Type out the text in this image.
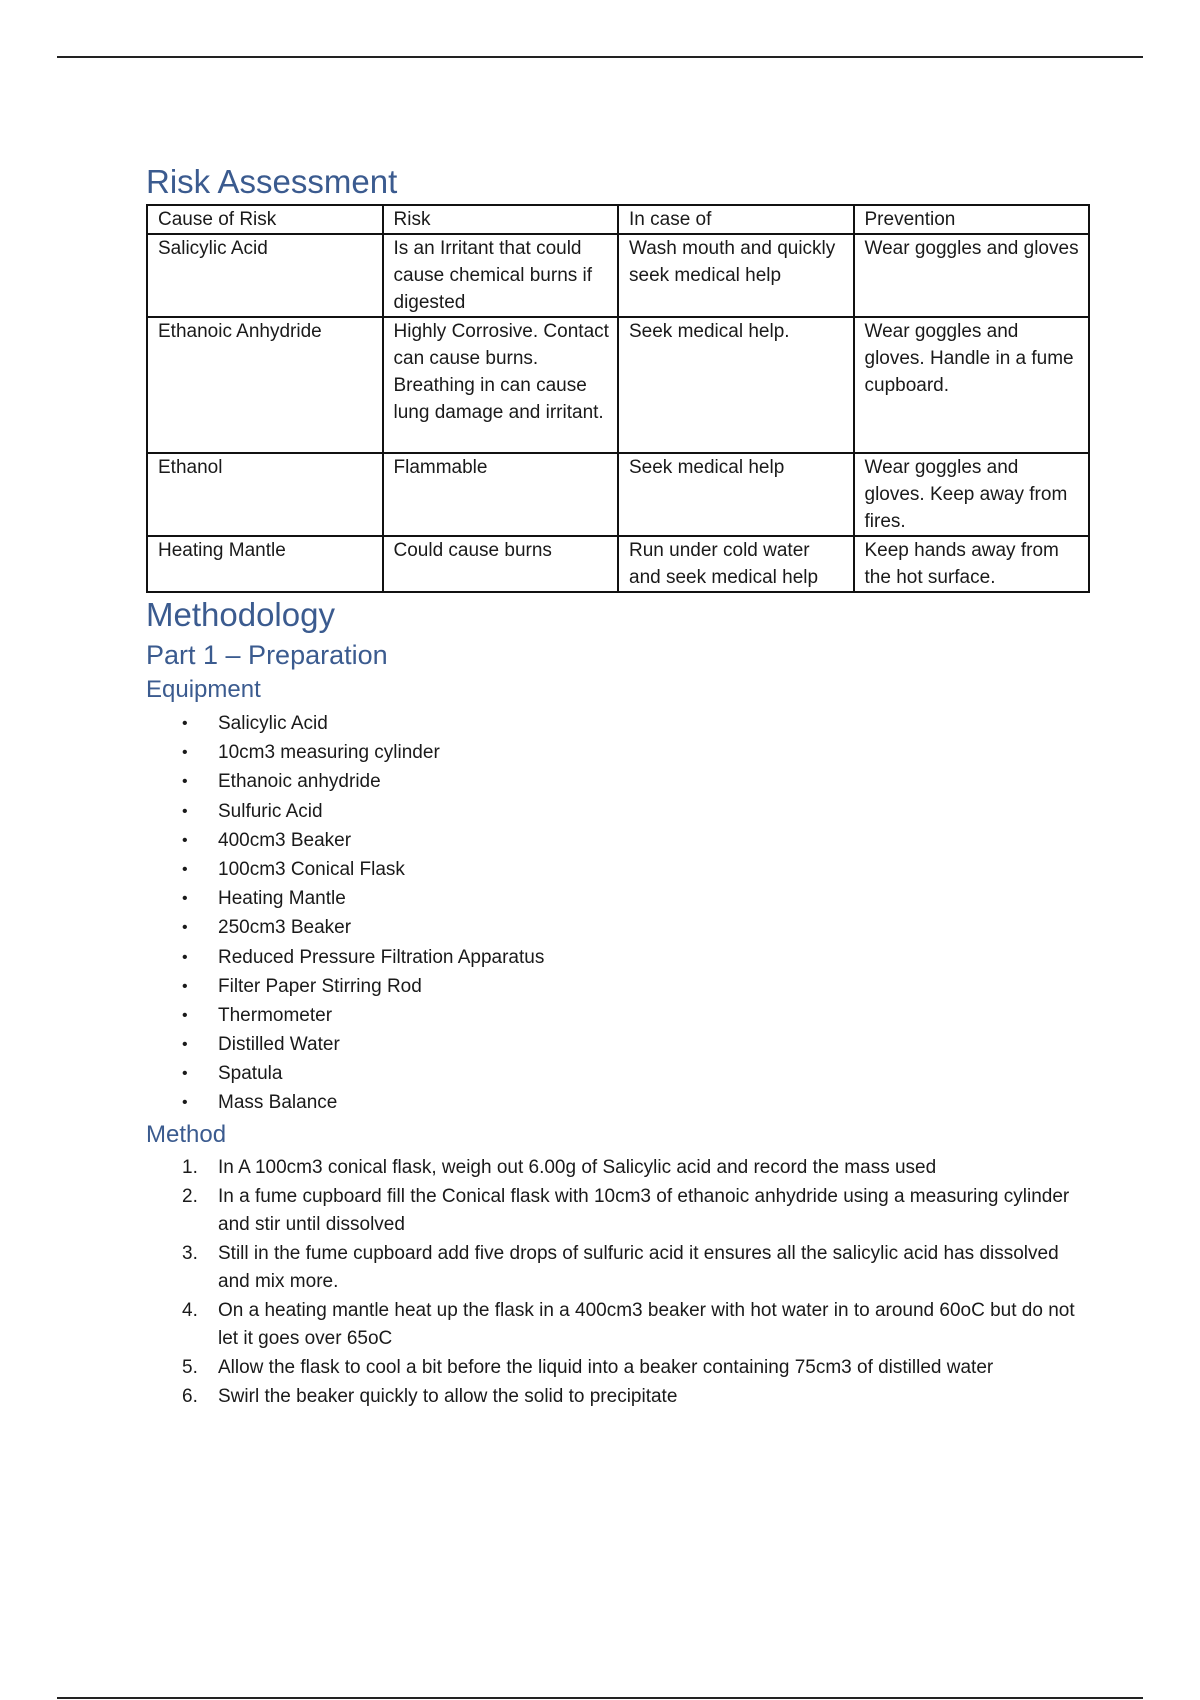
Risk Assessment
Cause of Risk	Risk	In case of	Prevention
Salicylic Acid	Is an Irritant that could cause chemical burns if digested	Wash mouth and quickly seek medical help	Wear goggles and gloves
Ethanoic Anhydride	Highly Corrosive. Contact can cause burns. Breathing in can cause lung damage and irritant.	Seek medical help.	Wear goggles and gloves. Handle in a fume cupboard.
Ethanol	Flammable	Seek medical help	Wear goggles and gloves. Keep away from fires.
Heating Mantle	Could cause burns	Run under cold water and seek medical help	Keep hands away from the hot surface.
Methodology
Part 1 – Preparation
Equipment
• Salicylic Acid
• 10cm3 measuring cylinder
• Ethanoic anhydride
• Sulfuric Acid
• 400cm3 Beaker
• 100cm3 Conical Flask
• Heating Mantle
• 250cm3 Beaker
• Reduced Pressure Filtration Apparatus
• Filter Paper Stirring Rod
• Thermometer
• Distilled Water
• Spatula
• Mass Balance
Method
1. In A 100cm3 conical flask, weigh out 6.00g of Salicylic acid and record the mass used
2. In a fume cupboard fill the Conical flask with 10cm3 of ethanoic anhydride using a measuring cylinder and stir until dissolved
3. Still in the fume cupboard add five drops of sulfuric acid it ensures all the salicylic acid has dissolved and mix more.
4. On a heating mantle heat up the flask in a 400cm3 beaker with hot water in to around 60oC but do not let it goes over 65oC
5. Allow the flask to cool a bit before the liquid into a beaker containing 75cm3 of distilled water
6. Swirl the beaker quickly to allow the solid to precipitate
